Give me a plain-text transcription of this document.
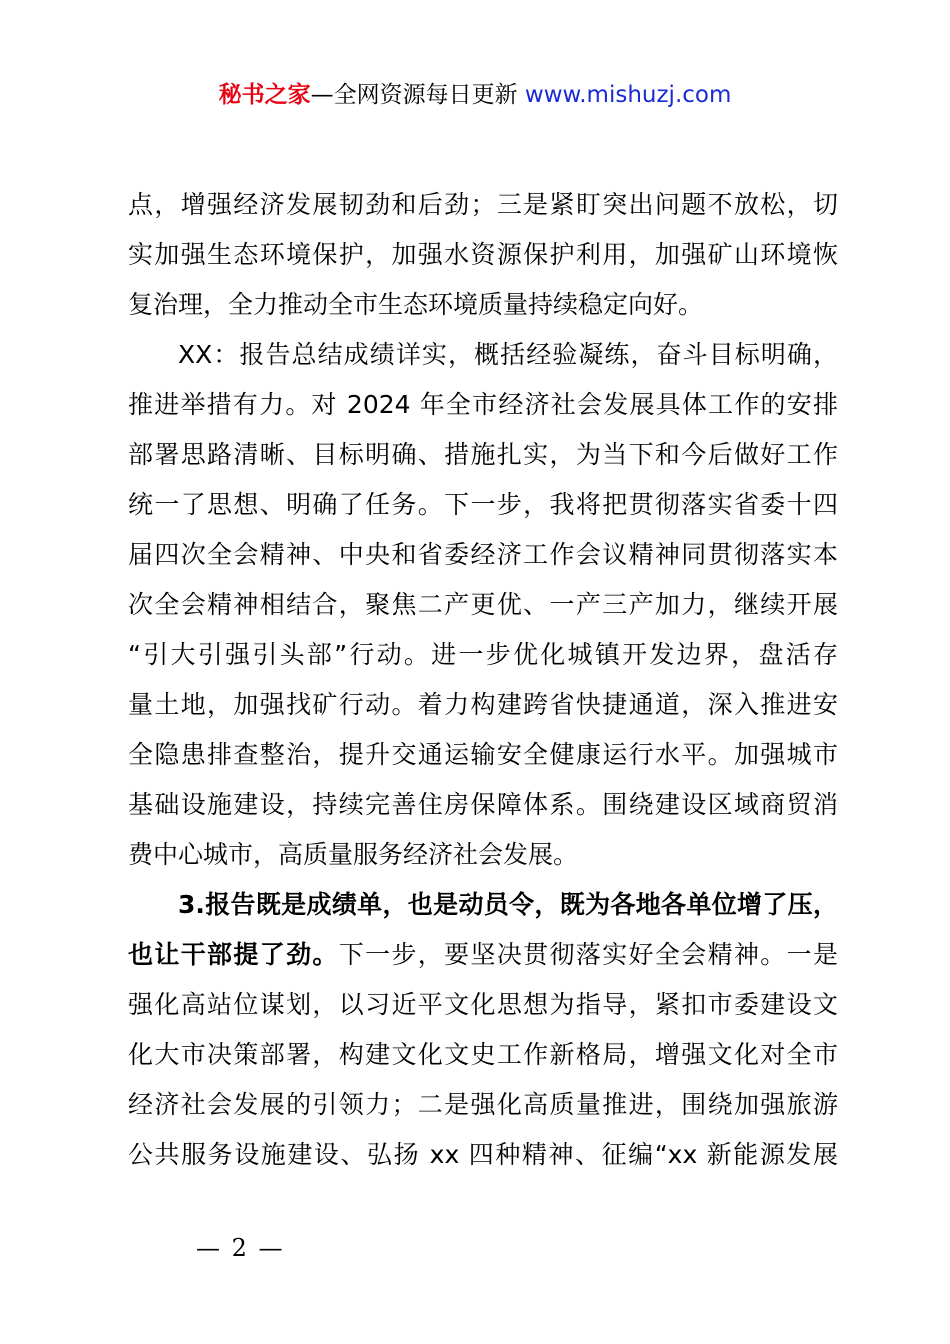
秘书之家—全网资源每日更新 www.mishuzj.com
点，增强经济发展韧劲和后劲；三是紧盯突出问题不放松，切
实加强生态环境保护，加强水资源保护利用，加强矿山环境恢
复治理，全力推动全市生态环境质量持续稳定向好。
XX：报告总结成绩详实，概括经验凝练，奋斗目标明确，
推进举措有力。对 2024 年全市经济社会发展具体工作的安排
部署思路清晰、目标明确、措施扎实，为当下和今后做好工作
统一了思想、明确了任务。下一步，我将把贯彻落实省委十四
届四次全会精神、中央和省委经济工作会议精神同贯彻落实本
次全会精神相结合，聚焦二产更优、一产三产加力，继续开展
“引大引强引头部”行动。进一步优化城镇开发边界，盘活存
量土地，加强找矿行动。着力构建跨省快捷通道，深入推进安
全隐患排查整治，提升交通运输安全健康运行水平。加强城市
基础设施建设，持续完善住房保障体系。围绕建设区域商贸消
费中心城市，高质量服务经济社会发展。
3.报告既是成绩单，也是动员令，既为各地各单位增了压，
也让干部提了劲。下一步，要坚决贯彻落实好全会精神。一是
强化高站位谋划，以习近平文化思想为指导，紧扣市委建设文
化大市决策部署，构建文化文史工作新格局，增强文化对全市
经济社会发展的引领力；二是强化高质量推进，围绕加强旅游
公共服务设施建设、弘扬 xx 四种精神、征编“xx 新能源发展
— 2 —
